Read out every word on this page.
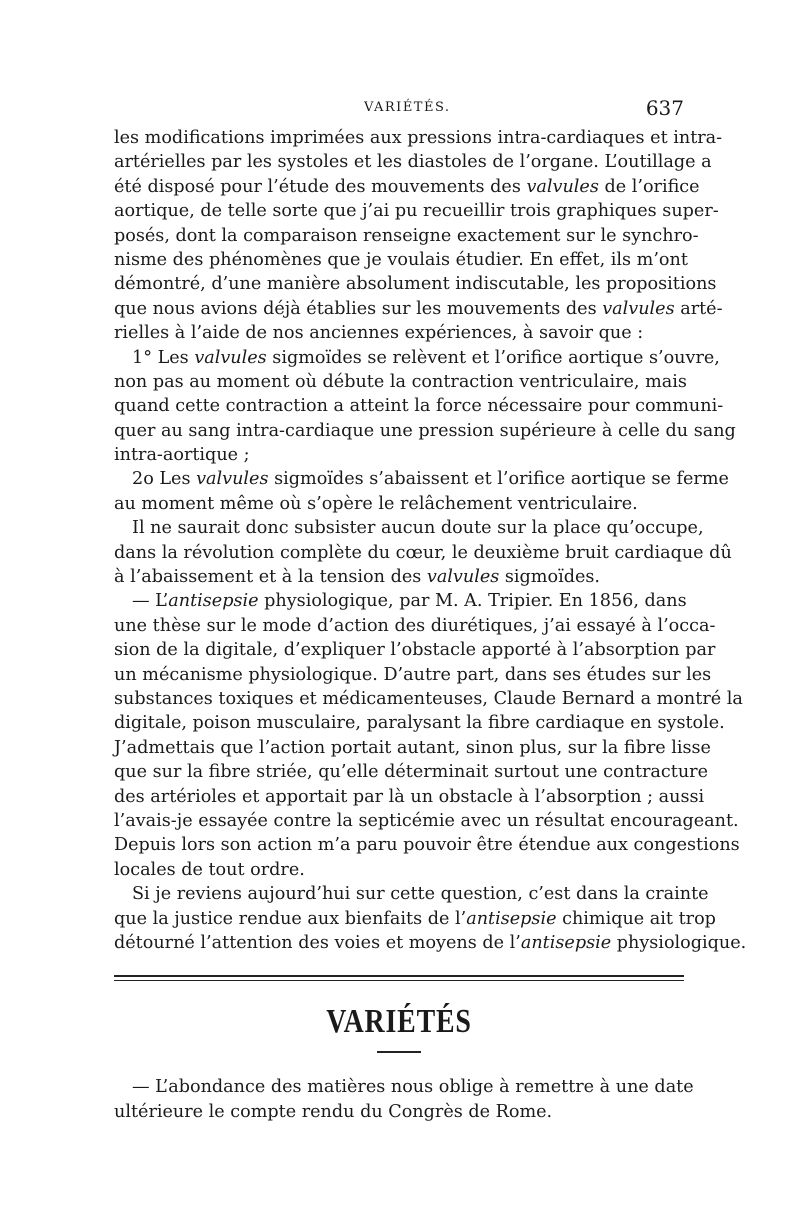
VARIÉTÉS.	637
les modifications imprimées aux pressions intra-cardiaques et intra-
artérielles par les systoles et les diastoles de l’organe. L’outillage a
été disposé pour l’étude des mouvements des valvules de l’orifice
aortique, de telle sorte que j’ai pu recueillir trois graphiques super-
posés, dont la comparaison renseigne exactement sur le synchro-
nisme des phénomènes que je voulais étudier. En effet, ils m’ont
démontré, d’une manière absolument indiscutable, les propositions
que nous avions déjà établies sur les mouvements des valvules arté-
rielles à l’aide de nos anciennes expériences, à savoir que :
1° Les valvules sigmoïdes se relèvent et l’orifice aortique s’ouvre,
non pas au moment où débute la contraction ventriculaire, mais
quand cette contraction a atteint la force nécessaire pour communi-
quer au sang intra-cardiaque une pression supérieure à celle du sang
intra-aortique ;
2o Les valvules sigmoïdes s’abaissent et l’orifice aortique se ferme
au moment même où s’opère le relâchement ventriculaire.
Il ne saurait donc subsister aucun doute sur la place qu’occupe,
dans la révolution complète du cœur, le deuxième bruit cardiaque dû
à l’abaissement et à la tension des valvules sigmoïdes.
— L’antisepsie physiologique, par M. A. Tripier. En 1856, dans
une thèse sur le mode d’action des diurétiques, j’ai essayé à l’occa-
sion de la digitale, d’expliquer l’obstacle apporté à l’absorption par
un mécanisme physiologique. D’autre part, dans ses études sur les
substances toxiques et médicamenteuses, Claude Bernard a montré la
digitale, poison musculaire, paralysant la fibre cardiaque en systole.
J’admettais que l’action portait autant, sinon plus, sur la fibre lisse
que sur la fibre striée, qu’elle déterminait surtout une contracture
des artérioles et apportait par là un obstacle à l’absorption ; aussi
l’avais-je essayée contre la septicémie avec un résultat encourageant.
Depuis lors son action m’a paru pouvoir être étendue aux congestions
locales de tout ordre.
Si je reviens aujourd’hui sur cette question, c’est dans la crainte
que la justice rendue aux bienfaits de l’antisepsie chimique ait trop
détourné l’attention des voies et moyens de l’antisepsie physiologique.
VARIÉTÉS
— L’abondance des matières nous oblige à remettre à une date
ultérieure le compte rendu du Congrès de Rome.
